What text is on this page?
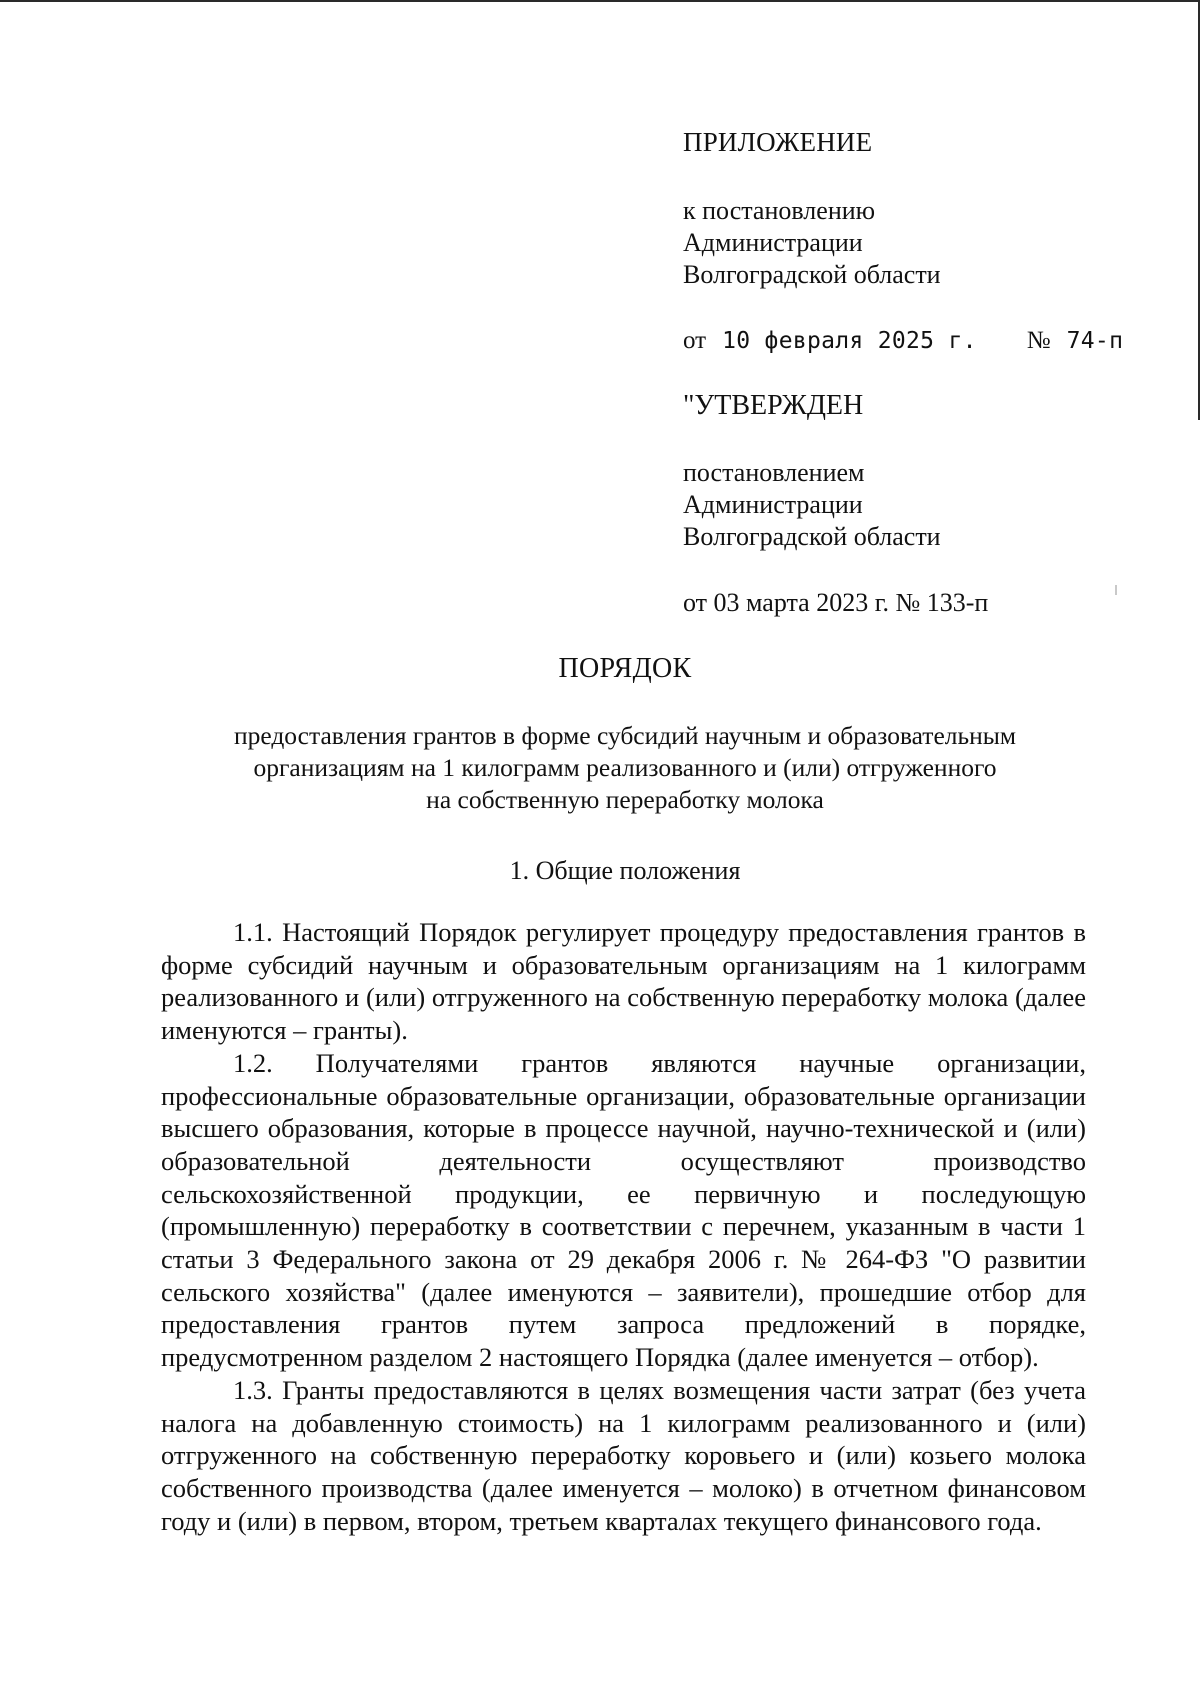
ПРИЛОЖЕНИЕ
к постановлению
Администрации
Волгоградской области
от 10 февраля 2025 г. № 74-п
"УТВЕРЖДЕН
постановлением
Администрации
Волгоградской области
от 03 марта 2023 г. № 133-п
ПОРЯДОК
предоставления грантов в форме субсидий научным и образовательным
организациям на 1 килограмм реализованного и (или) отгруженного
на собственную переработку молока
1. Общие положения

1.1. Настоящий Порядок регулирует процедуру предоставления грантов в форме субсидий научным и образовательным организациям на 1 килограмм реализованного и (или) отгруженного на собственную переработку молока (далее именуются – гранты).

1.2. Получателями грантов являются научные организации, профессиональные образовательные организации, образовательные организации высшего образования, которые в процессе научной, научно-технической и (или) образовательной деятельности осуществляют производство сельскохозяйственной продукции, ее первичную и последующую (промышленную) переработку в соответствии с перечнем, указанным в части 1 статьи 3 Федерального закона от 29 декабря 2006 г. № 264-ФЗ "О развитии сельского хозяйства" (далее именуются – заявители), прошедшие отбор для предоставления грантов путем запроса предложений в порядке, предусмотренном разделом 2 настоящего Порядка (далее именуется – отбор).

1.3. Гранты предоставляются в целях возмещения части затрат (без учета налога на добавленную стоимость) на 1 килограмм реализованного и (или) отгруженного на собственную переработку коровьего и (или) козьего молока собственного производства (далее именуется – молоко) в отчетном финансовом году и (или) в первом, втором, третьем кварталах текущего финансового года.
